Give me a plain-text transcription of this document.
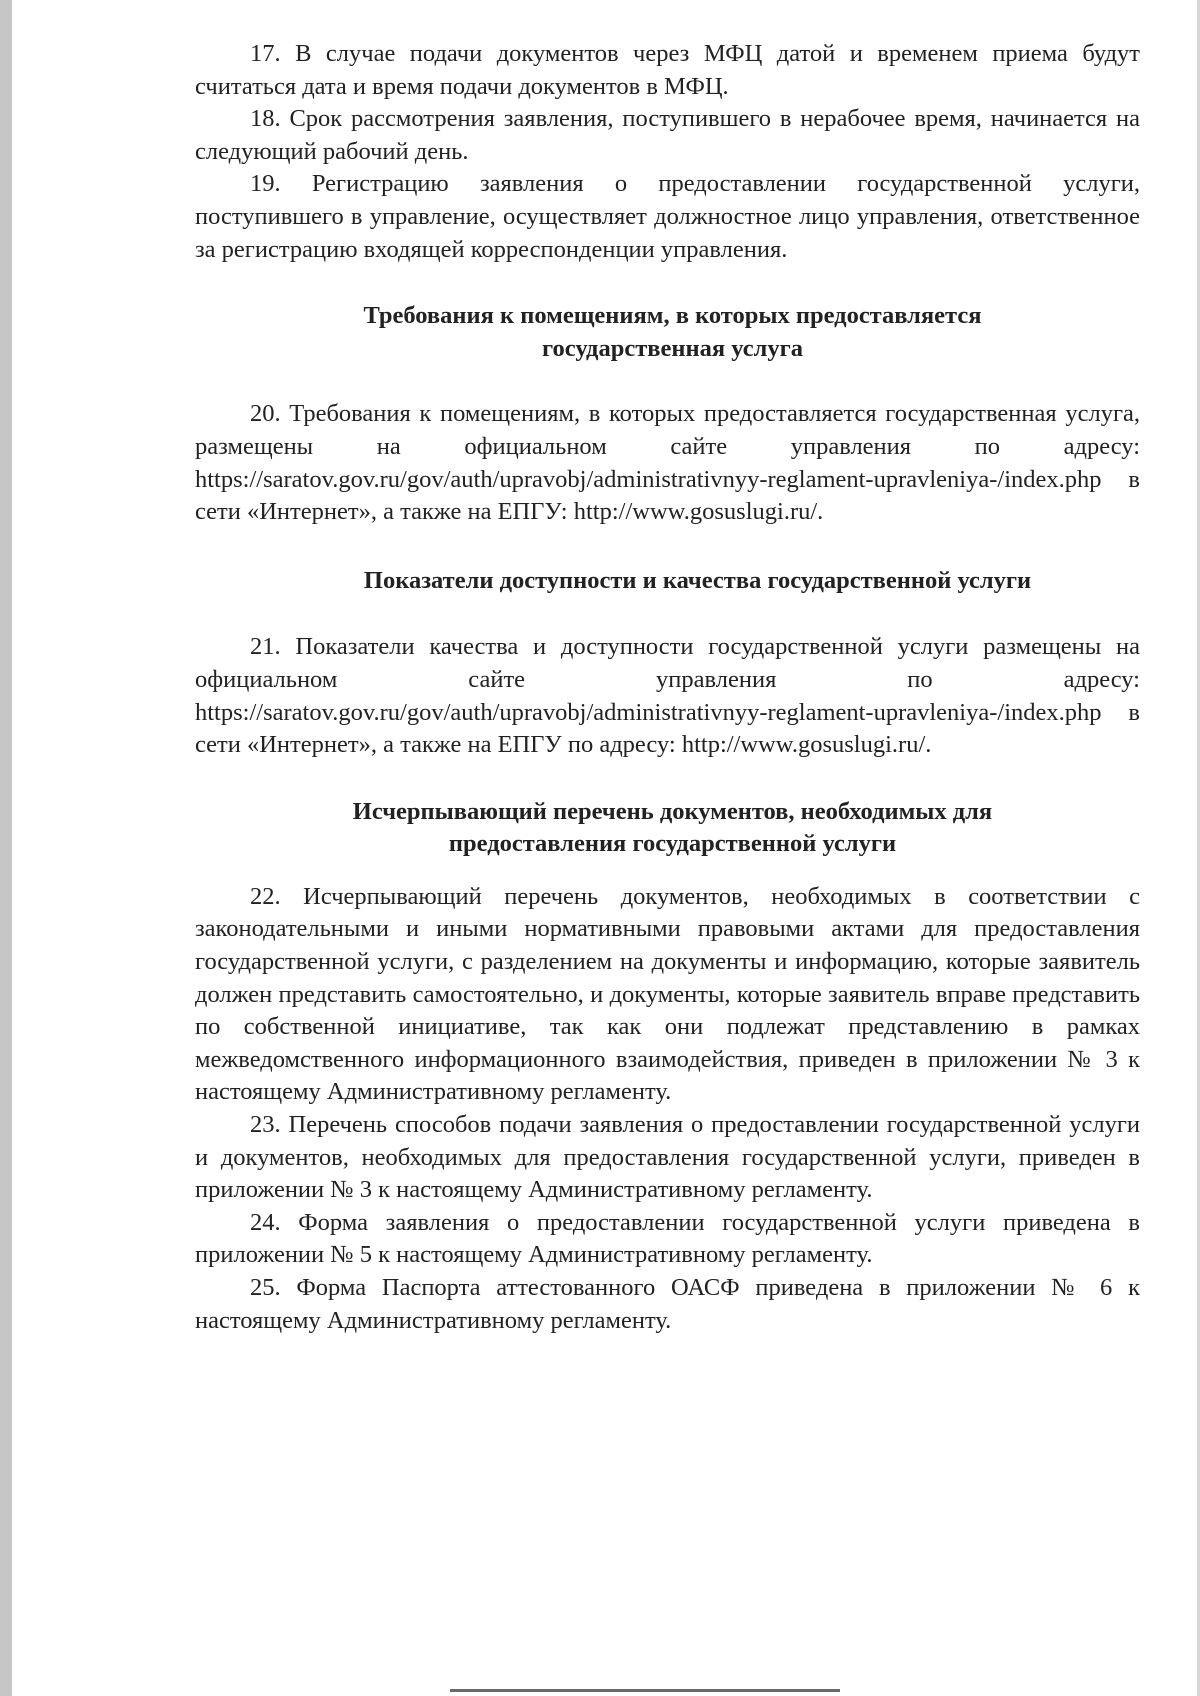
17. В случае подачи документов через МФЦ датой и временем приема будут считаться дата и время подачи документов в МФЦ.

18. Срок рассмотрения заявления, поступившего в нерабочее время, начинается на следующий рабочий день.

19. Регистрацию заявления о предоставлении государственной услуги, поступившего в управление, осуществляет должностное лицо управления, ответственное за регистрацию входящей корреспонденции управления.

Требования к помещениям, в которых предоставляется
государственная услуга

20. Требования к помещениям, в которых предоставляется государственная услуга, размещены на официальном сайте управления по адресу: https://saratov.gov.ru/gov/auth/upravobj/administrativnyy-reglament-upravleniya-/index.php в сети «Интернет», а также на ЕПГУ: http://www.gosuslugi.ru/.

Показатели доступности и качества государственной услуги

21. Показатели качества и доступности государственной услуги размещены на официальном сайте управления по адресу: https://saratov.gov.ru/gov/auth/upravobj/administrativnyy-reglament-upravleniya-/index.php в сети «Интернет», а также на ЕПГУ по адресу: http://www.gosuslugi.ru/.

Исчерпывающий перечень документов, необходимых для
предоставления государственной услуги

22. Исчерпывающий перечень документов, необходимых в соответствии с законодательными и иными нормативными правовыми актами для предоставления государственной услуги, с разделением на документы и информацию, которые заявитель должен представить самостоятельно, и документы, которые заявитель вправе представить по собственной инициативе, так как они подлежат представлению в рамках межведомственного информационного взаимодействия, приведен в приложении № 3 к настоящему Административному регламенту.

23. Перечень способов подачи заявления о предоставлении государственной услуги и документов, необходимых для предоставления государственной услуги, приведен в приложении № 3 к настоящему Административному регламенту.

24. Форма заявления о предоставлении государственной услуги приведена в приложении № 5 к настоящему Административному регламенту.

25. Форма Паспорта аттестованного ОАСФ приведена в приложении № 6 к настоящему Административному регламенту.
